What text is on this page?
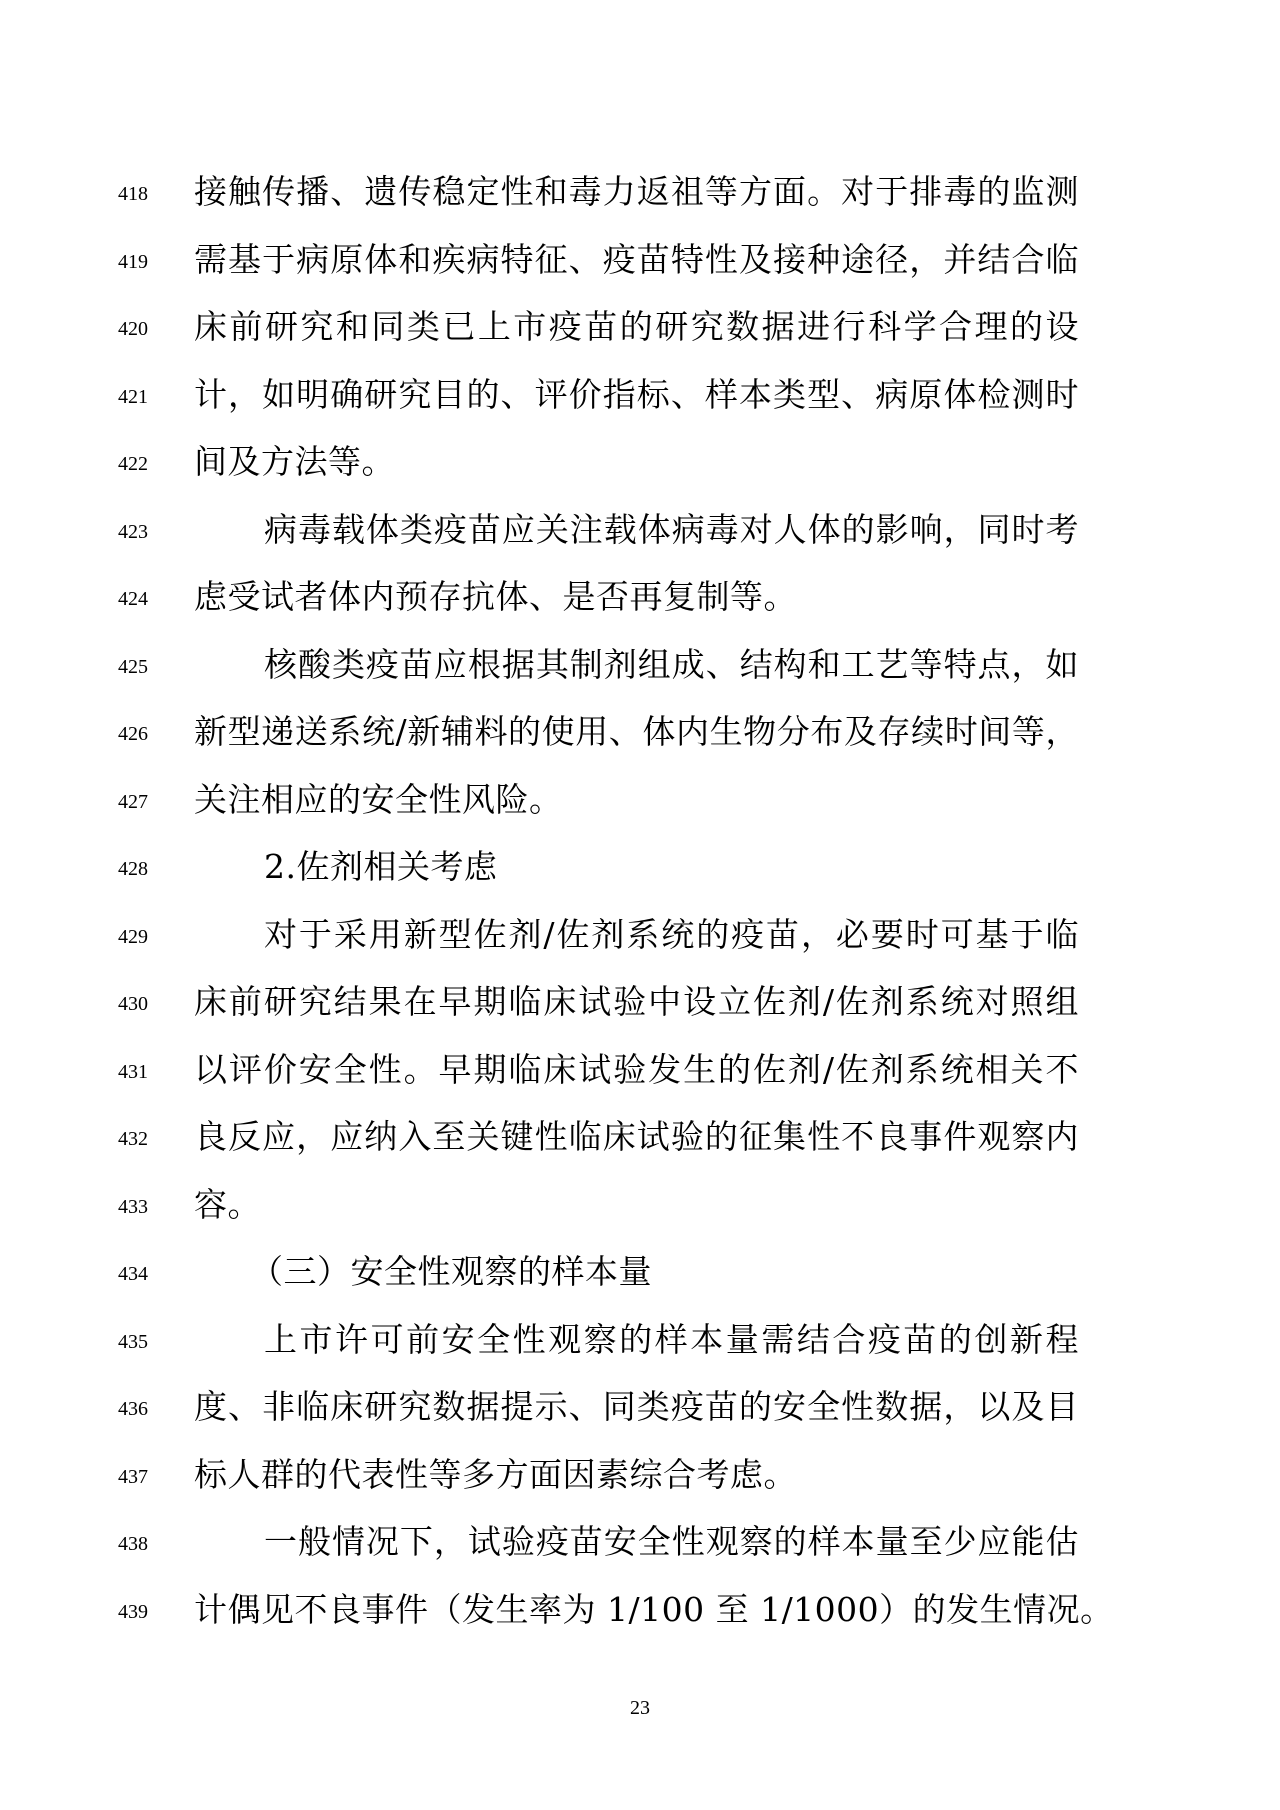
418 接触传播、遗传稳定性和毒力返祖等方面。对于排毒的监测
419 需基于病原体和疾病特征、疫苗特性及接种途径，并结合临
420 床前研究和同类已上市疫苗的研究数据进行科学合理的设
421 计，如明确研究目的、评价指标、样本类型、病原体检测时
422 间及方法等。
423	病毒载体类疫苗应关注载体病毒对人体的影响，同时考
424 虑受试者体内预存抗体、是否再复制等。
425	核酸类疫苗应根据其制剂组成、结构和工艺等特点，如
426 新型递送系统/新辅料的使用、体内生物分布及存续时间等，
427 关注相应的安全性风险。
428	2.佐剂相关考虑
429	对于采用新型佐剂/佐剂系统的疫苗，必要时可基于临
430 床前研究结果在早期临床试验中设立佐剂/佐剂系统对照组
431 以评价安全性。早期临床试验发生的佐剂/佐剂系统相关不
432 良反应，应纳入至关键性临床试验的征集性不良事件观察内
433 容。
434	（三）安全性观察的样本量
435	上市许可前安全性观察的样本量需结合疫苗的创新程
436 度、非临床研究数据提示、同类疫苗的安全性数据，以及目
437 标人群的代表性等多方面因素综合考虑。
438	一般情况下，试验疫苗安全性观察的样本量至少应能估
439 计偶见不良事件（发生率为 1/100 至 1/1000）的发生情况。
23
